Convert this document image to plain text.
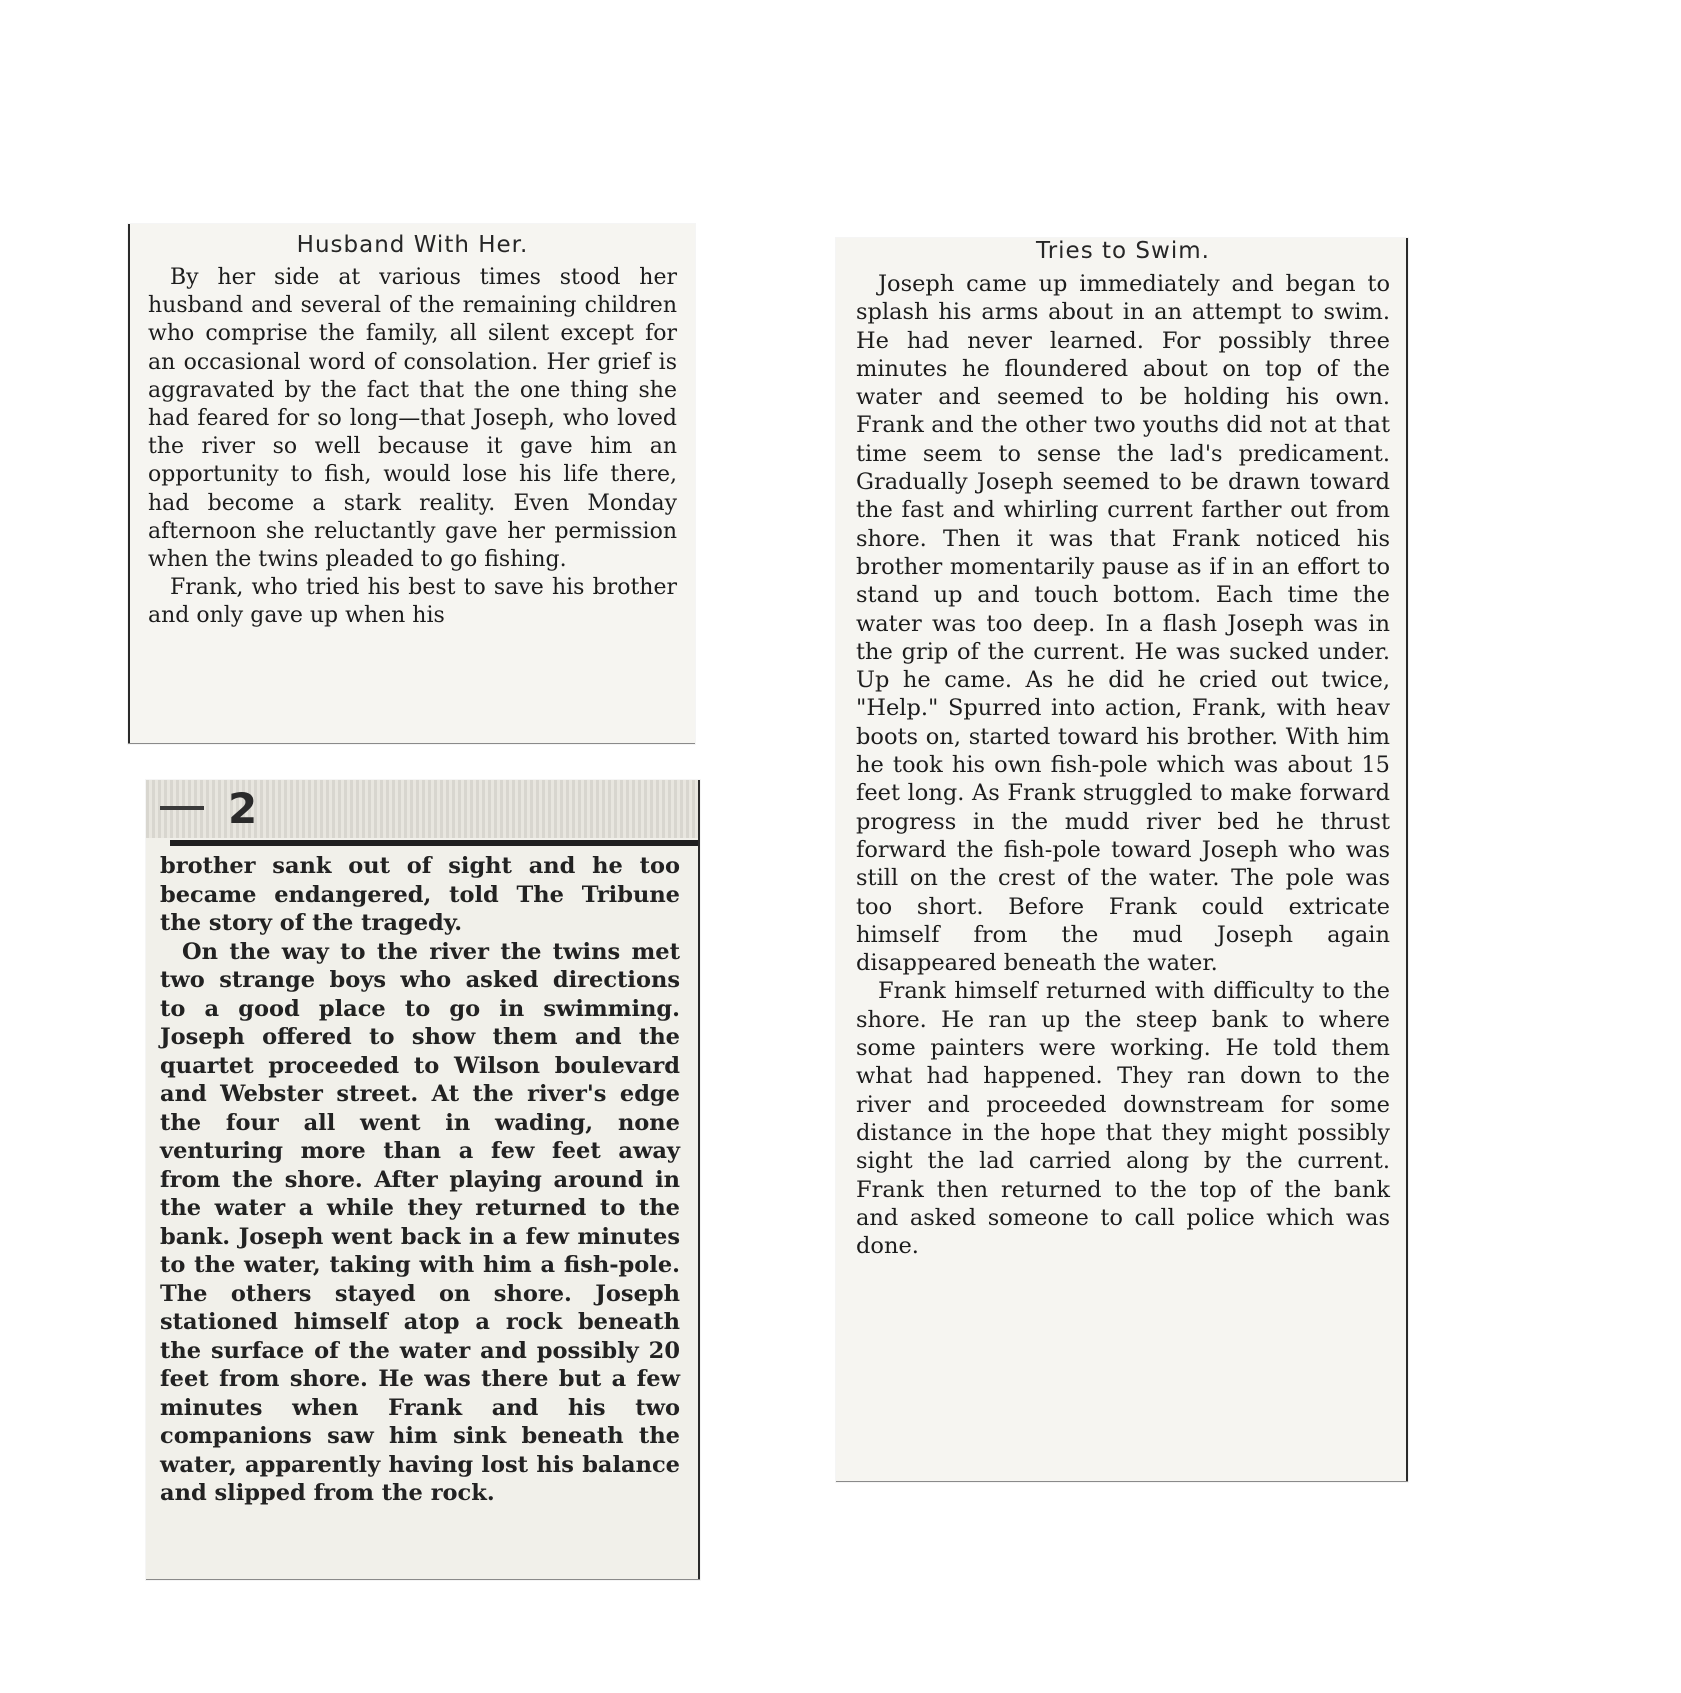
Husband With Her.

By her side at various times stood her husband and several of the remaining children who comprise the family, all silent except for an occasional word of consolation. Her grief is aggravated by the fact that the one thing she had feared for so long—that Joseph, who loved the river so well because it gave him an opportunity to fish, would lose his life there, had become a stark reality. Even Monday afternoon she reluctantly gave her permission when the twins pleaded to go fishing.

Frank, who tried his best to save his brother and only gave up when his

2

brother sank out of sight and he too became endangered, told The Tribune the story of the tragedy.

On the way to the river the twins met two strange boys who asked directions to a good place to go in swimming. Joseph offered to show them and the quartet proceeded to Wilson boulevard and Webster street. At the river's edge the four all went in wading, none venturing more than a few feet away from the shore. After playing around in the water a while they returned to the bank. Joseph went back in a few minutes to the water, taking with him a fish-pole. The others stayed on shore. Joseph stationed himself atop a rock beneath the surface of the water and possibly 20 feet from shore. He was there but a few minutes when Frank and his two companions saw him sink beneath the water, apparently having lost his balance and slipped from the rock.

Tries to Swim.

Joseph came up immediately and began to splash his arms about in an attempt to swim. He had never learned. For possibly three minutes he floundered about on top of the water and seemed to be holding his own. Frank and the other two youths did not at that time seem to sense the lad's predicament. Gradually Joseph seemed to be drawn toward the fast and whirling current farther out from shore. Then it was that Frank noticed his brother momentarily pause as if in an effort to stand up and touch bottom. Each time the water was too deep. In a flash Joseph was in the grip of the current. He was sucked under. Up he came. As he did he cried out twice, "Help." Spurred into action, Frank, with heav boots on, started toward his brother. With him he took his own fish-pole which was about 15 feet long. As Frank struggled to make forward progress in the mudd river bed he thrust forward the fish-pole toward Joseph who was still on the crest of the water. The pole was too short. Before Frank could extricate himself from the mud Joseph again disappeared beneath the water.

Frank himself returned with difficulty to the shore. He ran up the steep bank to where some painters were working. He told them what had happened. They ran down to the river and proceeded downstream for some distance in the hope that they might possibly sight the lad carried along by the current. Frank then returned to the top of the bank and asked someone to call police which was done.
